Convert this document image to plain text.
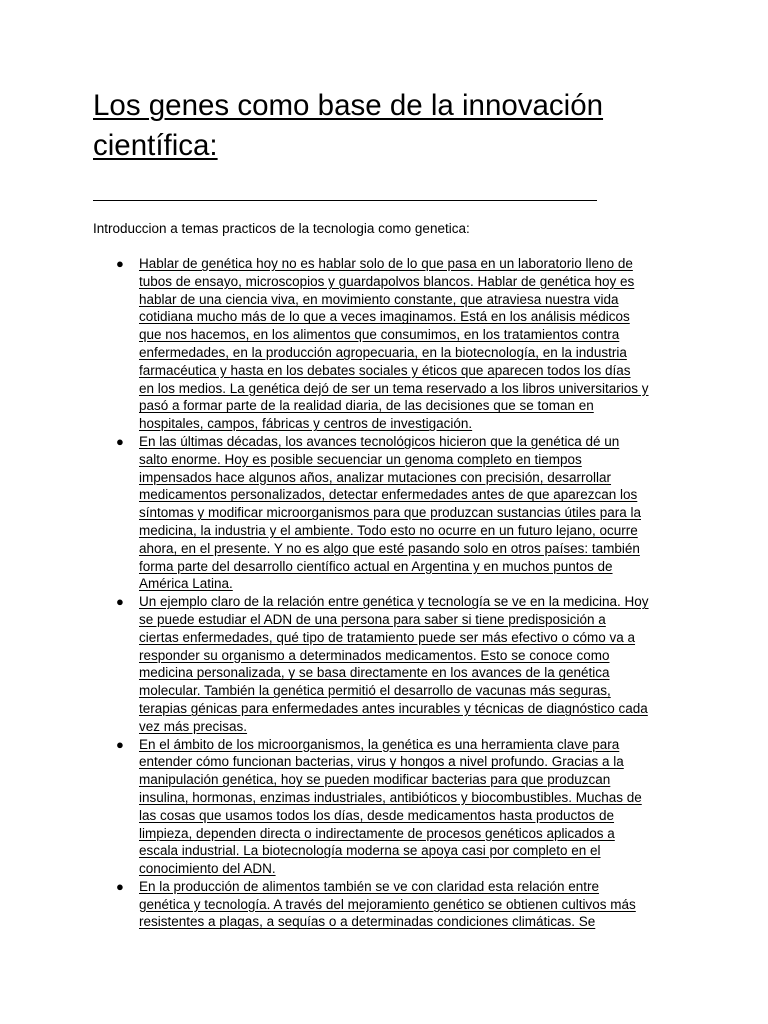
Los genes como base de la innovación científica:

Introduccion a temas practicos de la tecnologia como genetica:

● Hablar de genética hoy no es hablar solo de lo que pasa en un laboratorio lleno de
tubos de ensayo, microscopios y guardapolvos blancos. Hablar de genética hoy es
hablar de una ciencia viva, en movimiento constante, que atraviesa nuestra vida
cotidiana mucho más de lo que a veces imaginamos. Está en los análisis médicos
que nos hacemos, en los alimentos que consumimos, en los tratamientos contra
enfermedades, en la producción agropecuaria, en la biotecnología, en la industria
farmacéutica y hasta en los debates sociales y éticos que aparecen todos los días
en los medios. La genética dejó de ser un tema reservado a los libros universitarios y
pasó a formar parte de la realidad diaria, de las decisiones que se toman en
hospitales, campos, fábricas y centros de investigación.
● En las últimas décadas, los avances tecnológicos hicieron que la genética dé un
salto enorme. Hoy es posible secuenciar un genoma completo en tiempos
impensados hace algunos años, analizar mutaciones con precisión, desarrollar
medicamentos personalizados, detectar enfermedades antes de que aparezcan los
síntomas y modificar microorganismos para que produzcan sustancias útiles para la
medicina, la industria y el ambiente. Todo esto no ocurre en un futuro lejano, ocurre
ahora, en el presente. Y no es algo que esté pasando solo en otros países: también
forma parte del desarrollo científico actual en Argentina y en muchos puntos de
América Latina.
● Un ejemplo claro de la relación entre genética y tecnología se ve en la medicina. Hoy
se puede estudiar el ADN de una persona para saber si tiene predisposición a
ciertas enfermedades, qué tipo de tratamiento puede ser más efectivo o cómo va a
responder su organismo a determinados medicamentos. Esto se conoce como
medicina personalizada, y se basa directamente en los avances de la genética
molecular. También la genética permitió el desarrollo de vacunas más seguras,
terapias génicas para enfermedades antes incurables y técnicas de diagnóstico cada
vez más precisas.
● En el ámbito de los microorganismos, la genética es una herramienta clave para
entender cómo funcionan bacterias, virus y hongos a nivel profundo. Gracias a la
manipulación genética, hoy se pueden modificar bacterias para que produzcan
insulina, hormonas, enzimas industriales, antibióticos y biocombustibles. Muchas de
las cosas que usamos todos los días, desde medicamentos hasta productos de
limpieza, dependen directa o indirectamente de procesos genéticos aplicados a
escala industrial. La biotecnología moderna se apoya casi por completo en el
conocimiento del ADN.
● En la producción de alimentos también se ve con claridad esta relación entre
genética y tecnología. A través del mejoramiento genético se obtienen cultivos más
resistentes a plagas, a sequías o a determinadas condiciones climáticas. Se
